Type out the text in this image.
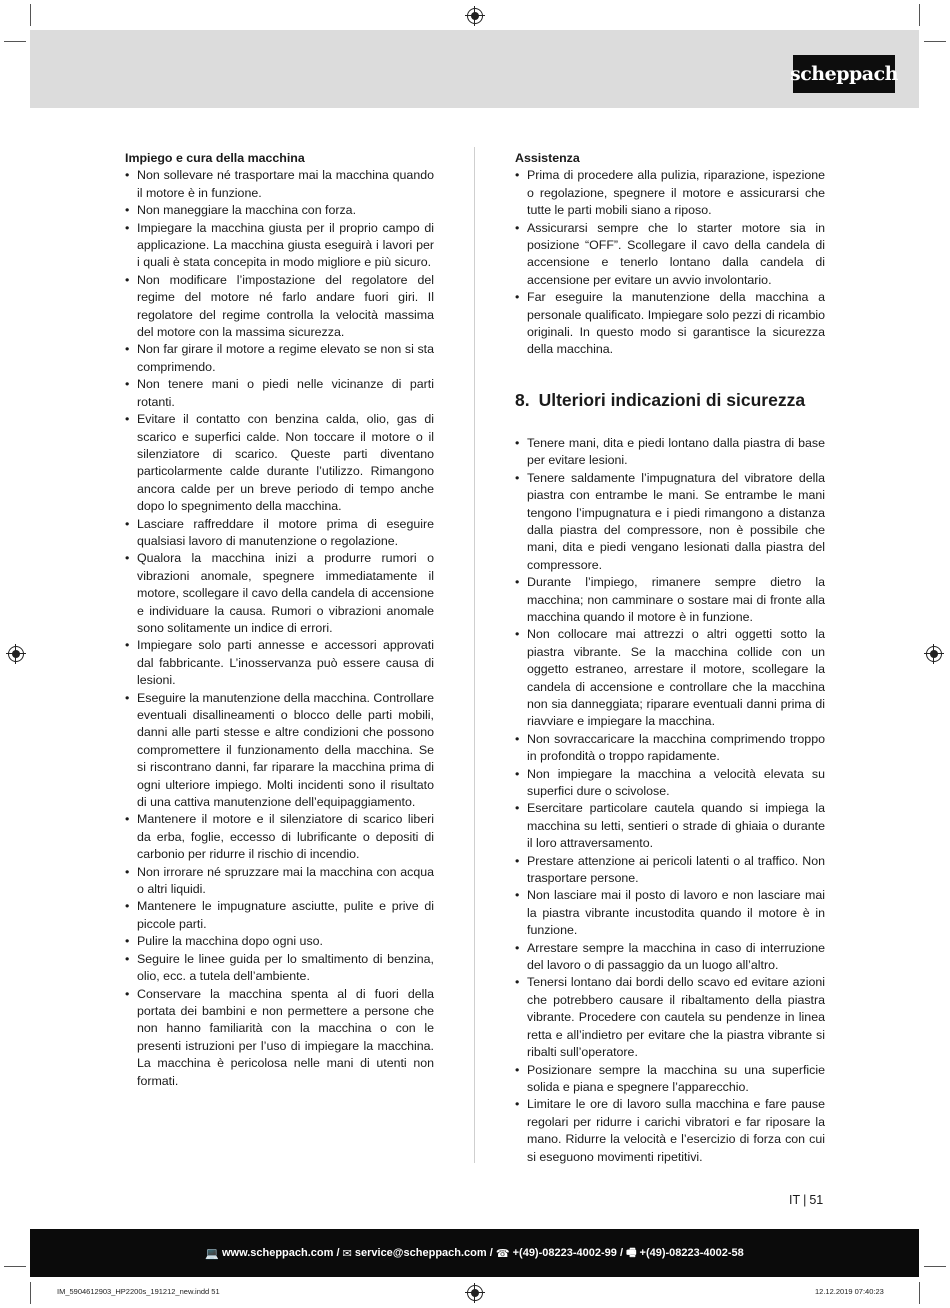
scheppach

Impiego e cura della macchina

• Non sollevare né trasportare mai la macchina quando il motore è in funzione.
• Non maneggiare la macchina con forza.
• Impiegare la macchina giusta per il proprio campo di applicazione. La macchina giusta eseguirà i lavori per i quali è stata concepita in modo migliore e più sicuro.
• Non modificare l’impostazione del regolatore del regime del motore né farlo andare fuori giri. Il regolatore del regime controlla la velocità massima del motore con la massima sicurezza.
• Non far girare il motore a regime elevato se non si sta comprimendo.
• Non tenere mani o piedi nelle vicinanze di parti rotanti.
• Evitare il contatto con benzina calda, olio, gas di scarico e superfici calde. Non toccare il motore o il silenziatore di scarico. Queste parti diventano particolarmente calde durante l’utilizzo. Rimangono ancora calde per un breve periodo di tempo anche dopo lo spegnimento della macchina.
• Lasciare raffreddare il motore prima di eseguire qualsiasi lavoro di manutenzione o regolazione.
• Qualora la macchina inizi a produrre rumori o vibrazioni anomale, spegnere immediatamente il motore, scollegare il cavo della candela di accensione e individuare la causa. Rumori o vibrazioni anomale sono solitamente un indice di errori.
• Impiegare solo parti annesse e accessori approvati dal fabbricante. L’inosservanza può essere causa di lesioni.
• Eseguire la manutenzione della macchina. Controllare eventuali disallineamenti o blocco delle parti mobili, danni alle parti stesse e altre condizioni che possono compromettere il funzionamento della macchina. Se si riscontrano danni, far riparare la macchina prima di ogni ulteriore impiego. Molti incidenti sono il risultato di una cattiva manutenzione dell’equipaggiamento.
• Mantenere il motore e il silenziatore di scarico liberi da erba, foglie, eccesso di lubrificante o depositi di carbonio per ridurre il rischio di incendio.
• Non irrorare né spruzzare mai la macchina con acqua o altri liquidi.
• Mantenere le impugnature asciutte, pulite e prive di piccole parti.
• Pulire la macchina dopo ogni uso.
• Seguire le linee guida per lo smaltimento di benzina, olio, ecc. a tutela dell’ambiente.
• Conservare la macchina spenta al di fuori della portata dei bambini e non permettere a persone che non hanno familiarità con la macchina o con le presenti istruzioni per l’uso di impiegare la macchina. La macchina è pericolosa nelle mani di utenti non formati.

Assistenza

• Prima di procedere alla pulizia, riparazione, ispezione o regolazione, spegnere il motore e assicurarsi che tutte le parti mobili siano a riposo.
• Assicurarsi sempre che lo starter motore sia in posizione “OFF”. Scollegare il cavo della candela di accensione e tenerlo lontano dalla candela di accensione per evitare un avvio involontario.
• Far eseguire la manutenzione della macchina a personale qualificato. Impiegare solo pezzi di ricambio originali. In questo modo si garantisce la sicurezza della macchina.
8. Ulteriori indicazioni di sicurezza
• Tenere mani, dita e piedi lontano dalla piastra di base per evitare lesioni.
• Tenere saldamente l’impugnatura del vibratore della piastra con entrambe le mani. Se entrambe le mani tengono l’impugnatura e i piedi rimangono a distanza dalla piastra del compressore, non è possibile che mani, dita e piedi vengano lesionati dalla piastra del compressore.
• Durante l’impiego, rimanere sempre dietro la macchina; non camminare o sostare mai di fronte alla macchina quando il motore è in funzione.
• Non collocare mai attrezzi o altri oggetti sotto la piastra vibrante. Se la macchina collide con un oggetto estraneo, arrestare il motore, scollegare la candela di accensione e controllare che la macchina non sia danneggiata; riparare eventuali danni prima di riavviare e impiegare la macchina.
• Non sovraccaricare la macchina comprimendo troppo in profondità o troppo rapidamente.
• Non impiegare la macchina a velocità elevata su superfici dure o scivolose.
• Esercitare particolare cautela quando si impiega la macchina su letti, sentieri o strade di ghiaia o durante il loro attraversamento.
• Prestare attenzione ai pericoli latenti o al traffico. Non trasportare persone.
• Non lasciare mai il posto di lavoro e non lasciare mai la piastra vibrante incustodita quando il motore è in funzione.
• Arrestare sempre la macchina in caso di interruzione del lavoro o di passaggio da un luogo all’altro.
• Tenersi lontano dai bordi dello scavo ed evitare azioni che potrebbero causare il ribaltamento della piastra vibrante. Procedere con cautela su pendenze in linea retta e all’indietro per evitare che la piastra vibrante si ribalti sull’operatore.
• Posizionare sempre la macchina su una superficie solida e piana e spegnere l’apparecchio.
• Limitare le ore di lavoro sulla macchina e fare pause regolari per ridurre i carichi vibratori e far riposare la mano. Ridurre la velocità e l’esercizio di forza con cui si eseguono movimenti ripetitivi.
IT | 51
💻 www.scheppach.com / ✉ service@scheppach.com / ☎ +(49)-08223-4002-99 / 🖷 +(49)-08223-4002-58
IM_5904612903_HP2200s_191212_new.indd 51	12.12.2019 07:40:23
